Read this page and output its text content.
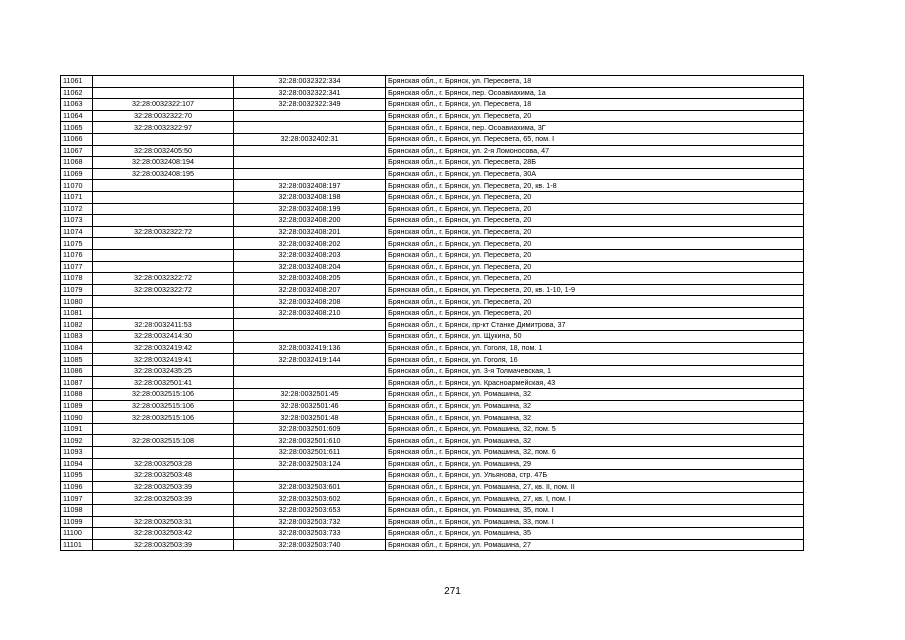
11061		32:28:0032322:334	Брянская обл., г. Брянск, ул. Пересвета, 18
11062		32:28:0032322:341	Брянская обл., г. Брянск, пер. Осоавиахима, 1а
11063	32:28:0032322:107	32:28:0032322:349	Брянская обл., г. Брянск, ул. Пересвета, 18
11064	32:28:0032322:70		Брянская обл., г. Брянск, ул. Пересвета, 20
11065	32:28:0032322:97		Брянская обл., г. Брянск, пер. Осоавиахима, 3Г
11066		32:28:0032402:31	Брянская обл., г. Брянск, ул. Пересвета, 65, пом. I
11067	32:28:0032405:50		Брянская обл., г. Брянск, ул. 2-я Ломоносова, 47
11068	32:28:0032408:194		Брянская обл., г. Брянск, ул. Пересвета, 28Б
11069	32:28:0032408:195		Брянская обл., г. Брянск, ул. Пересвета, 30А
11070		32:28:0032408:197	Брянская обл., г. Брянск, ул. Пересвета, 20, кв. 1-8
11071		32:28:0032408:198	Брянская обл., г. Брянск, ул. Пересвета, 20
11072		32:28:0032408:199	Брянская обл., г. Брянск, ул. Пересвета, 20
11073		32:28:0032408:200	Брянская обл., г. Брянск, ул. Пересвета, 20
11074	32:28:0032322:72	32:28:0032408:201	Брянская обл., г. Брянск, ул. Пересвета, 20
11075		32:28:0032408:202	Брянская обл., г. Брянск, ул. Пересвета, 20
11076		32:28:0032408:203	Брянская обл., г. Брянск, ул. Пересвета, 20
11077		32:28:0032408:204	Брянская обл., г. Брянск, ул. Пересвета, 20
11078	32:28:0032322:72	32:28:0032408:205	Брянская обл., г. Брянск, ул. Пересвета, 20
11079	32:28:0032322:72	32:28:0032408:207	Брянская обл., г. Брянск, ул. Пересвета, 20, кв. 1-10, 1-9
11080		32:28:0032408:208	Брянская обл., г. Брянск, ул. Пересвета, 20
11081		32:28:0032408:210	Брянская обл., г. Брянск, ул. Пересвета, 20
11082	32:28:0032411:53		Брянская обл., г. Брянск, пр-кт Станке Димитрова, 37
11083	32:28:0032414:30		Брянская обл., г. Брянск, ул. Щукина, 50
11084	32:28:0032419:42	32:28:0032419:136	Брянская обл., г. Брянск, ул. Гоголя, 18, пом. 1
11085	32:28:0032419:41	32:28:0032419:144	Брянская обл., г. Брянск, ул. Гоголя, 16
11086	32:28:0032435:25		Брянская обл., г. Брянск, ул. 3-я Толмачевская, 1
11087	32:28:0032501:41		Брянская обл., г. Брянск, ул. Красноармейская, 43
11088	32:28:0032515:106	32:28:0032501:45	Брянская обл., г. Брянск, ул. Ромашина, 32
11089	32:28:0032515:106	32:28:0032501:46	Брянская обл., г. Брянск, ул. Ромашина, 32
11090	32:28:0032515:106	32:28:0032501:48	Брянская обл., г. Брянск, ул. Ромашина, 32
11091		32:28:0032501:609	Брянская обл., г. Брянск, ул. Ромашина, 32, пом. 5
11092	32:28:0032515:108	32:28:0032501:610	Брянская обл., г. Брянск, ул. Ромашина, 32
11093		32:28:0032501:611	Брянская обл., г. Брянск, ул. Ромашина, 32, пом. 6
11094	32:28:0032503:28	32:28:0032503:124	Брянская обл., г. Брянск, ул. Ромашина, 29
11095	32:28:0032503:48		Брянская обл., г. Брянск, ул. Ульянова, стр. 47Б
11096	32:28:0032503:39	32:28:0032503:601	Брянская обл., г. Брянск, ул. Ромашина, 27, кв. II, пом. II
11097	32:28:0032503:39	32:28:0032503:602	Брянская обл., г. Брянск, ул. Ромашина, 27, кв. I, пом. I
11098		32:28:0032503:653	Брянская обл., г. Брянск, ул. Ромашина, 35, пом. I
11099	32:28:0032503:31	32:28:0032503:732	Брянская обл., г. Брянск, ул. Ромашина, 33, пом. I
11100	32:28:0032503:42	32:28:0032503:733	Брянская обл., г. Брянск, ул. Ромашина, 35
11101	32:28:0032503:39	32:28:0032503:740	Брянская обл., г. Брянск, ул. Ромашина, 27
271
